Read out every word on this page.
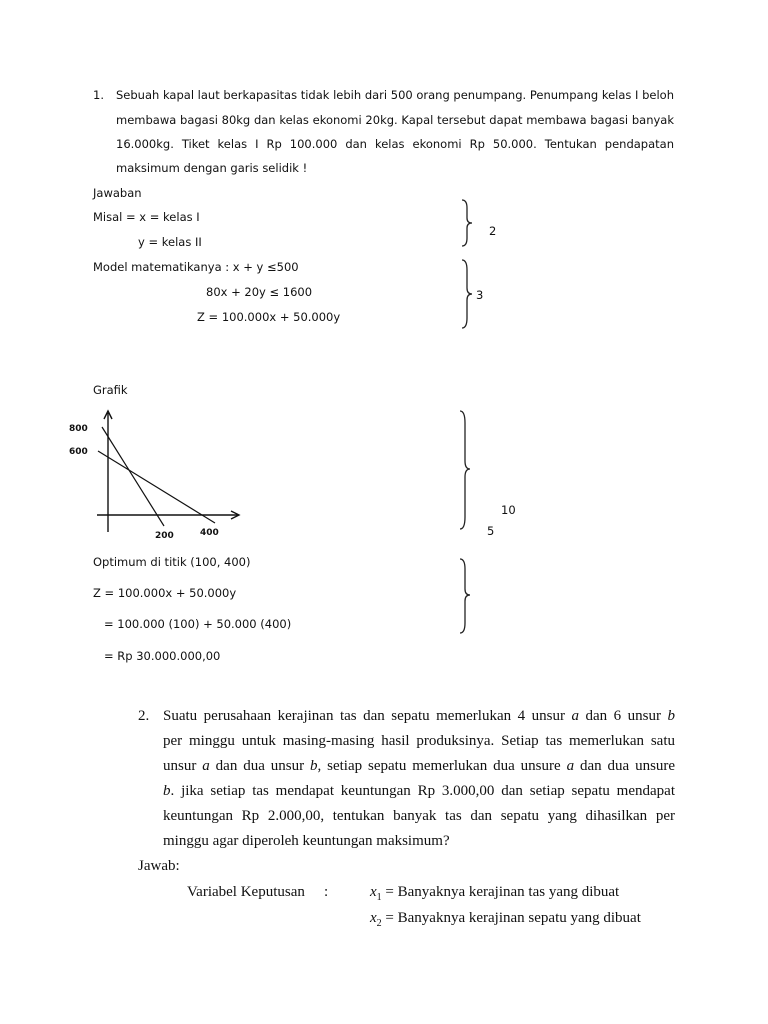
1. Sebuah kapal laut berkapasitas tidak lebih dari 500 orang penumpang. Penumpang kelas I beloh
membawa bagasi 80kg dan kelas ekonomi 20kg. Kapal tersebut dapat membawa bagasi banyak
16.000kg. Tiket kelas I Rp 100.000 dan kelas ekonomi Rp 50.000. Tentukan pendapatan
maksimum dengan garis selidik !
Jawaban
Misal = x = kelas I
y = kelas II
Model matematikanya : x + y ≤500
80x + 20y ≤ 1600
Z = 100.000x + 50.000y
2
3
Grafik
800
600
200	400
10
5
Optimum di titik (100, 400)
Z = 100.000x + 50.000y
= 100.000 (100) + 50.000 (400)
= Rp 30.000.000,00
2. Suatu perusahaan kerajinan tas dan sepatu memerlukan 4 unsur a dan 6 unsur b
per minggu untuk masing-masing hasil produksinya. Setiap tas memerlukan satu
unsur a dan dua unsur b, setiap sepatu memerlukan dua unsure a dan dua unsure
b. jika setiap tas mendapat keuntungan Rp 3.000,00 dan setiap sepatu mendapat
keuntungan Rp 2.000,00, tentukan banyak tas dan sepatu yang dihasilkan per
minggu agar diperoleh keuntungan maksimum?
Jawab:
Variabel Keputusan :	$x_1$ = Banyaknya kerajinan tas yang dibuat
$x_2$ = Banyaknya kerajinan sepatu yang dibuat
